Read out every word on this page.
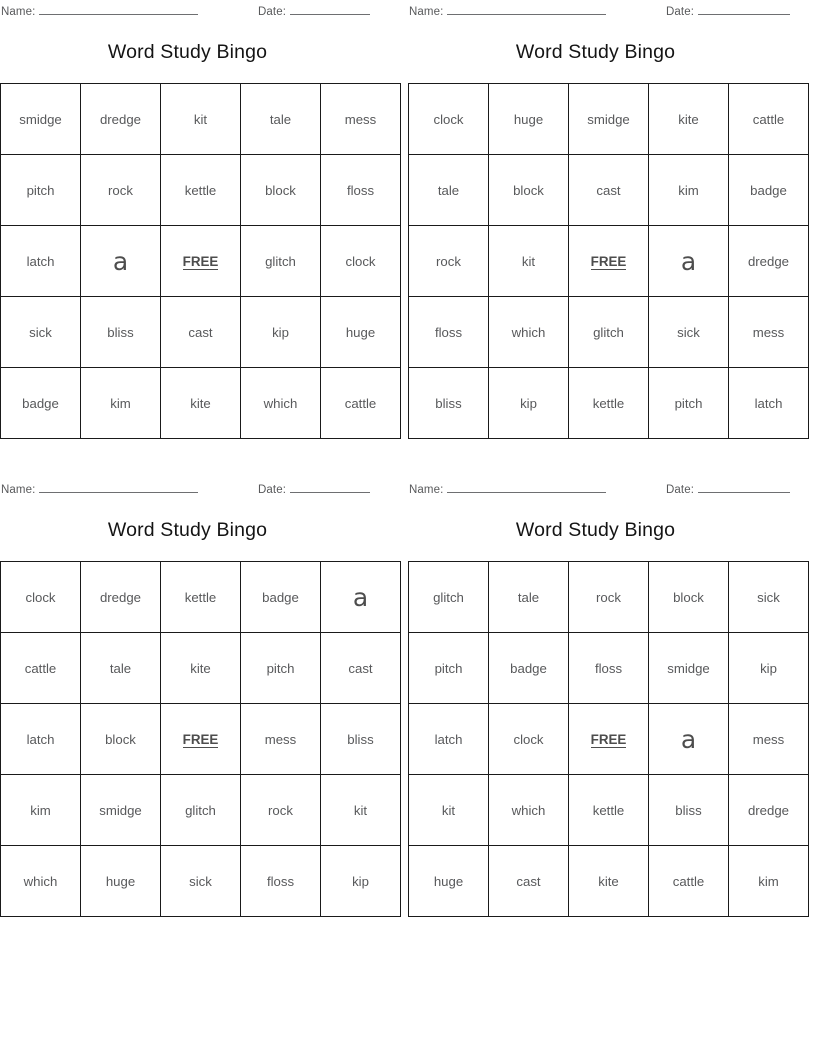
Name:	Date:
Word Study Bingo
smidge	dredge	kit	tale	mess
pitch	rock	kettle	block	floss
latch	a	FREE	glitch	clock
sick	bliss	cast	kip	huge
badge	kim	kite	which	cattle
Name:	Date:
Word Study Bingo
clock	huge	smidge	kite	cattle
tale	block	cast	kim	badge
rock	kit	FREE	a	dredge
floss	which	glitch	sick	mess
bliss	kip	kettle	pitch	latch
Name:	Date:
Word Study Bingo
clock	dredge	kettle	badge	a
cattle	tale	kite	pitch	cast
latch	block	FREE	mess	bliss
kim	smidge	glitch	rock	kit
which	huge	sick	floss	kip
Name:	Date:
Word Study Bingo
glitch	tale	rock	block	sick
pitch	badge	floss	smidge	kip
latch	clock	FREE	a	mess
kit	which	kettle	bliss	dredge
huge	cast	kite	cattle	kim
